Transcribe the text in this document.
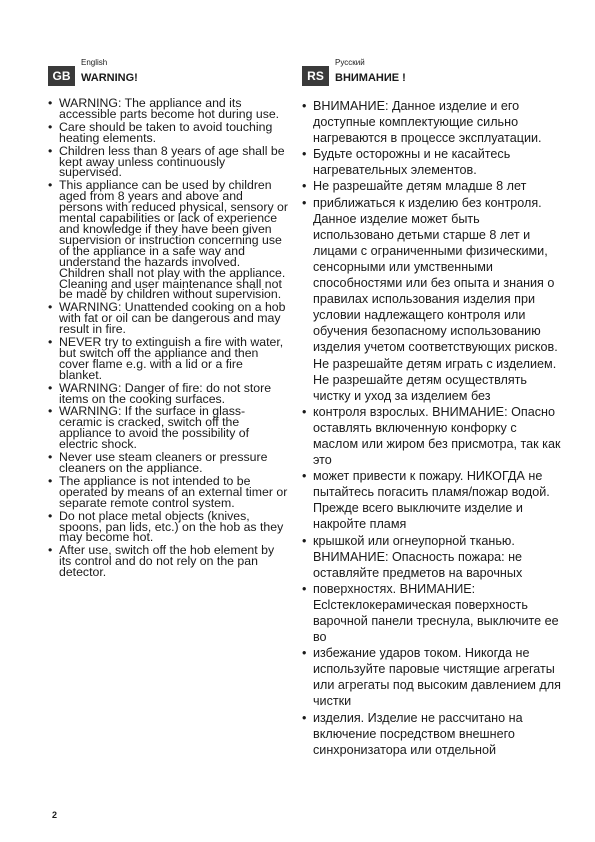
GB
English
WARNING!
• WARNING: The appliance and its accessible parts become hot during use.
• Care should be taken to avoid touching heating elements.
• Children less than 8 years of age shall be kept away unless continuously supervised.
• This appliance can be used by children aged from 8 years and above and persons with reduced physical, sensory or mental capabilities or lack of experience and knowledge if they have been given supervision or instruction concerning use of the appliance in a safe way and understand the hazards involved. Children shall not play with the appliance. Cleaning and user maintenance shall not be made by children without supervision.
• WARNING: Unattended cooking on a hob with fat or oil can be dangerous and may result in fire.
• NEVER try to extinguish a fire with water, but switch off the appliance and then cover flame e.g. with a lid or a fire blanket.
• WARNING: Danger of fire: do not store items on the cooking surfaces.
• WARNING: If the surface in glass-ceramic is cracked, switch off the appliance to avoid the possibility of electric shock.
• Never use steam cleaners or pressure cleaners on the appliance.
• The appliance is not intended to be operated by means of an external timer or separate remote control system.
• Do not place metal objects (knives, spoons, pan lids, etc.) on the hob as they may become hot.
• After use, switch off the hob element by its control and do not rely on the pan detector.
RS
Русский
ВНИМАНИЕ !
• ВНИМАНИЕ: Данное изделие и его доступные комплектующие сильно нагреваются в процессе эксплуатации.
• Будьте осторожны и не касайтесь нагревательных элементов.
• Не разрешайте детям младше 8 лет
• приближаться к изделию без контроля. Данное изделие может быть использовано детьми старше 8 лет и лицами с ограниченными физическими, сенсорными или умственными способностями или без опыта и знания о правилах использования изделия при условии надлежащего контроля или обучения безопасному использованию изделия учетом соответствующих рисков. Не разрешайте детям играть с изделием. Не разрешайте детям осуществлять чистку и уход за изделием без
• контроля взрослых. ВНИМАНИЕ: Опасно оставлять включенную конфорку с маслом или жиром без присмотра, так как это
• может привести к пожару. НИКОГДА не пытайтесь погасить пламя/пожар водой. Прежде всего выключите изделие и накройте пламя
• крышкой или огнеупорной тканью. ВНИМАНИЕ: Опасность пожара: не оставляйте предметов на варочных
• поверхностях. ВНИМАНИЕ: Есlстеклокерамическая поверхность варочной панели треснула, выключите ее во
• избежание ударов током. Никогда не используйте паровые чистящие агрегаты или агрегаты под высоким давлением для чистки
• изделия. Изделие не рассчитано на включение посредством внешнего синхронизатора или отдельной
2
